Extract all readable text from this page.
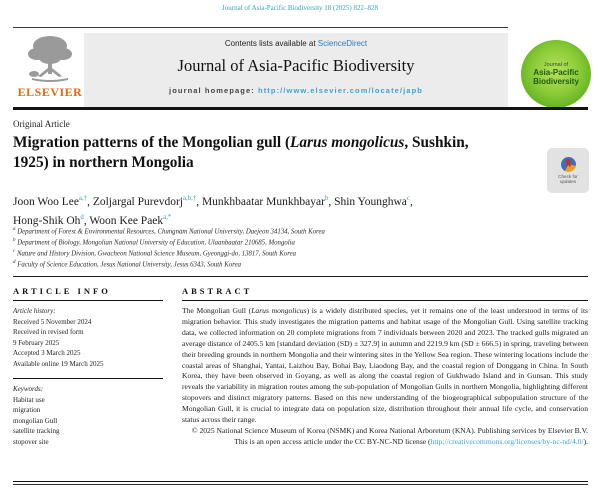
Journal of Asia-Pacific Biodiversity 18 (2025) 822–828
ELSEVIER
Contents lists available at ScienceDirect
Journal of Asia-Pacific Biodiversity
journal homepage: http://www.elsevier.com/locate/japb
Journal of
Asia-Pacific
Biodiversity
Original Article
Migration patterns of the Mongolian gull (Larus mongolicus, Sushkin, 1925) in northern Mongolia
Check for updates
Joon Woo Lee$^{a,\dagger}$, Zoljargal Purevdorj$^{a,b,\dagger}$, Munkhbaatar Munkhbayar$^b$, Shin Younghwa$^c$,
Hong-Shik Oh$^d$, Woon Kee Paek$^{a,*}$
$^a$ Department of Forest & Environmental Resources, Chungnam National University, Daejeon 34134, South Korea
$^b$ Department of Biology, Mongolian National University of Education, Ulaanbaatar 210685, Mongolia
$^c$ Nature and History Division, Gwacheon National Science Museum, Gyeonggi-do, 13817, South Korea
$^d$ Faculty of Science Education, Jesus National University, Jesus 6343, South Korea
ARTICLE INFO
Article history:
Received 5 November 2024
Received in revised form
9 February 2025
Accepted 3 March 2025
Available online 19 March 2025
Keywords:
Habitat use
migration
mongolian Gull
satellite tracking
stopover site
ABSTRACT

The Mongolian Gull (Larus mongolicus) is a widely distributed species, yet it remains one of the least understood in terms of its migration behavior. This study investigates the migration patterns and habitat usage of the Mongolian Gull. Using satellite tracking data, we collected information on 20 complete migrations from 7 individuals between 2020 and 2023. The tracked gulls migrated an average distance of 2405.5 km [standard deviation (SD) ± 327.9] in autumn and 2219.9 km (SD ± 666.5) in spring, traveling between their breeding grounds in northern Mongolia and their wintering sites in the Yellow Sea region. These wintering locations include the coastal areas of Shanghai, Yantai, Laizhou Bay, Bohai Bay, Liaodong Bay, and the coastal region of Donggang in China. In South Korea, they have been observed in Goyang, as well as along the coastal region of Gukhwado Island and in Gunsan. This study reveals the variability in migration routes among the sub-population of Mongolian Gulls in northern Mongolia, highlighting different stopovers and distinct migratory patterns. Based on this new understanding of the biogeographical subpopulation structure of the Mongolian Gull, it is crucial to integrate data on population size, distribution throughout their annual life cycle, and conservation status across their range.

© 2025 National Science Museum of Korea (NSMK) and Korea National Arboretum (KNA). Publishing services by Elsevier B.V. This is an open access article under the CC BY-NC-ND license (http://creativecommons.org/licenses/by-nc-nd/4.0/).
